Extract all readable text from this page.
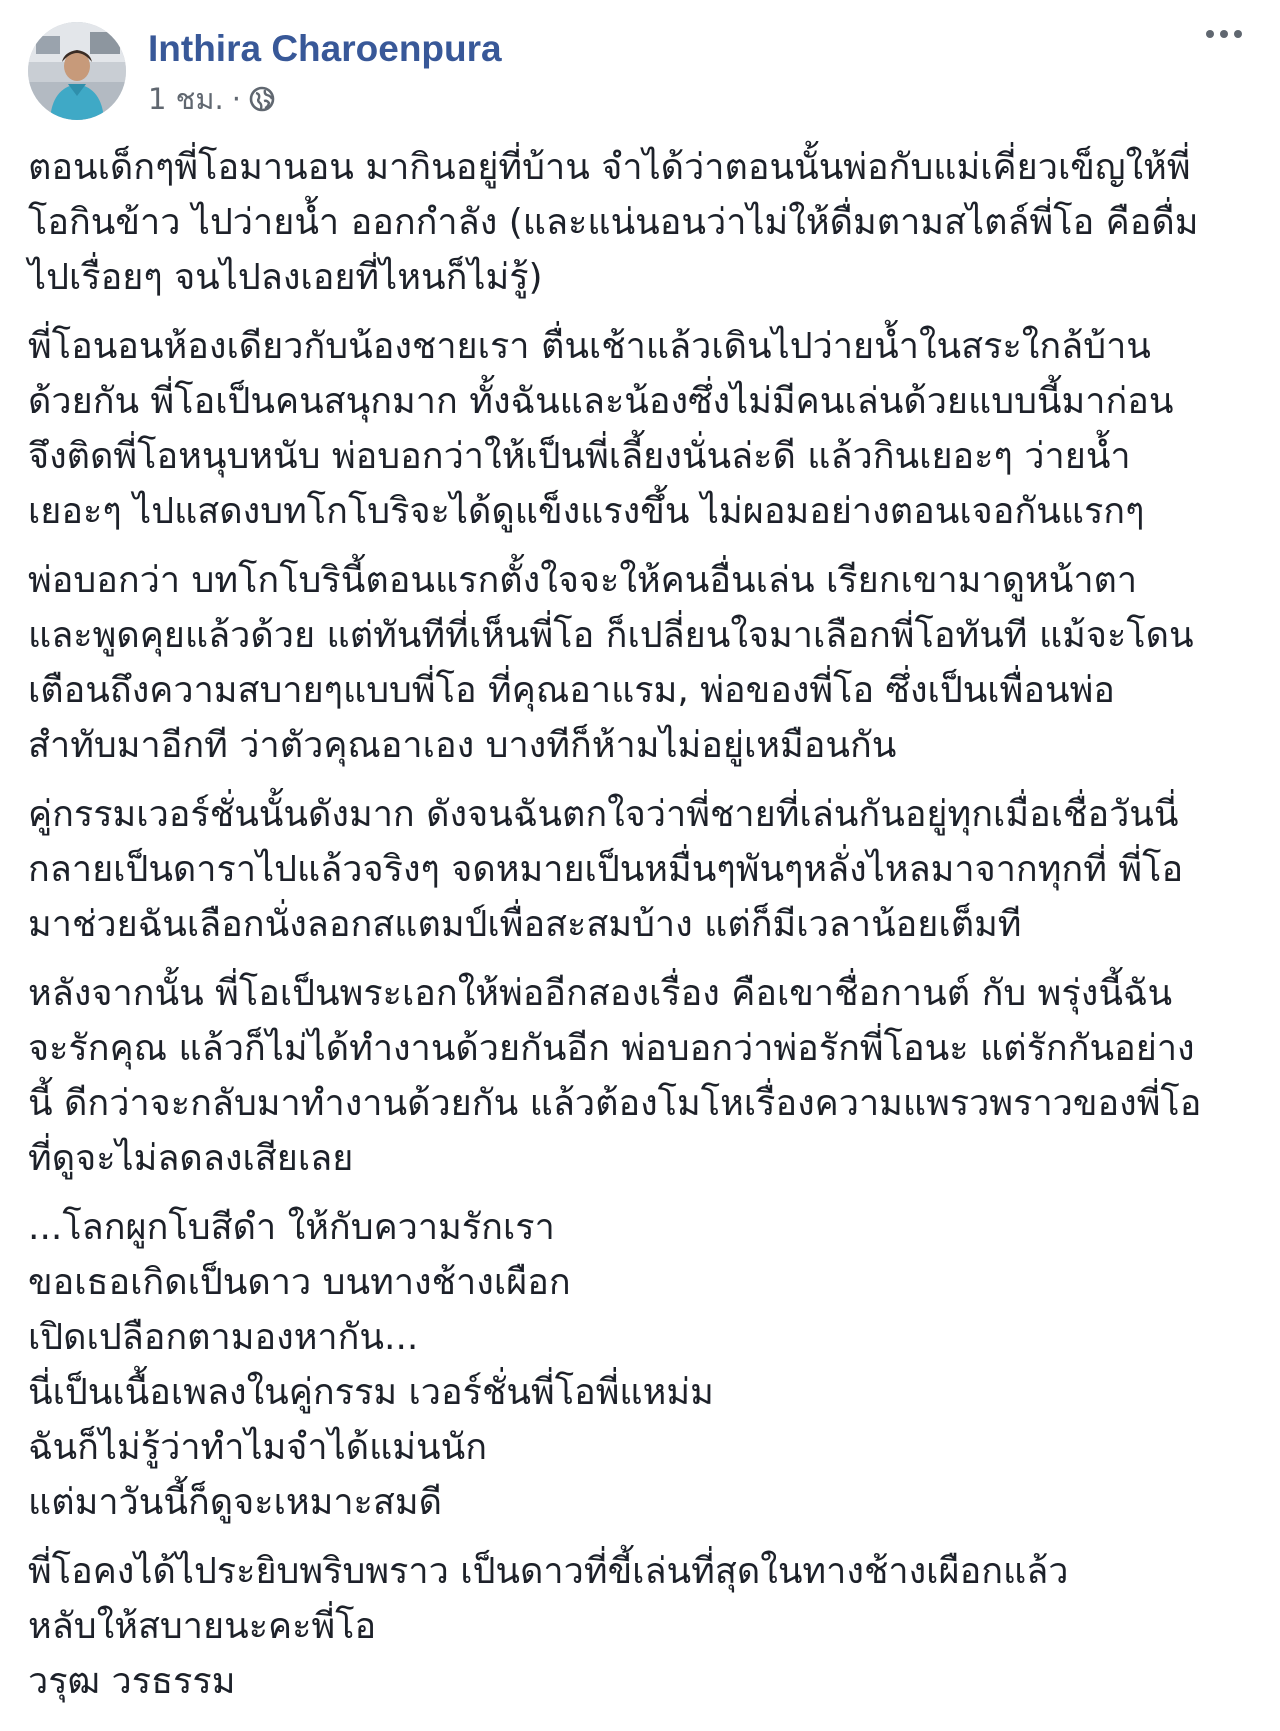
Inthira Charoenpura
1 ชม. ·

ตอนเด็กๆพี่โอมานอน มากินอยู่ที่บ้าน จำได้ว่าตอนนั้นพ่อกับแม่เคี่ยวเข็ญให้พี่
โอกินข้าว ไปว่ายน้ำ ออกกำลัง (และแน่นอนว่าไม่ให้ดื่มตามสไตล์พี่โอ คือดื่ม
ไปเรื่อยๆ จนไปลงเอยที่ไหนก็ไม่รู้)

พี่โอนอนห้องเดียวกับน้องชายเรา ตื่นเช้าแล้วเดินไปว่ายน้ำในสระใกล้บ้าน
ด้วยกัน พี่โอเป็นคนสนุกมาก ทั้งฉันและน้องซึ่งไม่มีคนเล่นด้วยแบบนี้มาก่อน
จึงติดพี่โอหนุบหนับ พ่อบอกว่าให้เป็นพี่เลี้ยงนั่นล่ะดี แล้วกินเยอะๆ ว่ายน้ำ
เยอะๆ ไปแสดงบทโกโบริจะได้ดูแข็งแรงขึ้น ไม่ผอมอย่างตอนเจอกันแรกๆ

พ่อบอกว่า บทโกโบรินี้ตอนแรกตั้งใจจะให้คนอื่นเล่น เรียกเขามาดูหน้าตา
และพูดคุยแล้วด้วย แต่ทันทีที่เห็นพี่โอ ก็เปลี่ยนใจมาเลือกพี่โอทันที แม้จะโดน
เตือนถึงความสบายๆแบบพี่โอ ที่คุณอาแรม, พ่อของพี่โอ ซึ่งเป็นเพื่อนพ่อ
สำทับมาอีกที ว่าตัวคุณอาเอง บางทีก็ห้ามไม่อยู่เหมือนกัน

คู่กรรมเวอร์ชั่นนั้นดังมาก ดังจนฉันตกใจว่าพี่ชายที่เล่นกันอยู่ทุกเมื่อเชื่อวันนี่
กลายเป็นดาราไปแล้วจริงๆ จดหมายเป็นหมื่นๆพันๆหลั่งไหลมาจากทุกที่ พี่โอ
มาช่วยฉันเลือกนั่งลอกสแตมป์เพื่อสะสมบ้าง แต่ก็มีเวลาน้อยเต็มที

หลังจากนั้น พี่โอเป็นพระเอกให้พ่ออีกสองเรื่อง คือเขาชื่อกานต์ กับ พรุ่งนี้ฉัน
จะรักคุณ แล้วก็ไม่ได้ทำงานด้วยกันอีก พ่อบอกว่าพ่อรักพี่โอนะ แต่รักกันอย่าง
นี้ ดีกว่าจะกลับมาทำงานด้วยกัน แล้วต้องโมโหเรื่องความแพรวพราวของพี่โอ
ที่ดูจะไม่ลดลงเสียเลย

...โลกผูกโบสีดำ ให้กับความรักเรา
ขอเธอเกิดเป็นดาว บนทางช้างเผือก
เปิดเปลือกตามองหากัน...
นี่เป็นเนื้อเพลงในคู่กรรม เวอร์ชั่นพี่โอพี่แหม่ม
ฉันก็ไม่รู้ว่าทำไมจำได้แม่นนัก
แต่มาวันนี้ก็ดูจะเหมาะสมดี

พี่โอคงได้ไประยิบพริบพราว เป็นดาวที่ขี้เล่นที่สุดในทางช้างเผือกแล้ว
หลับให้สบายนะคะพี่โอ
วรุฒ วรธรรม
